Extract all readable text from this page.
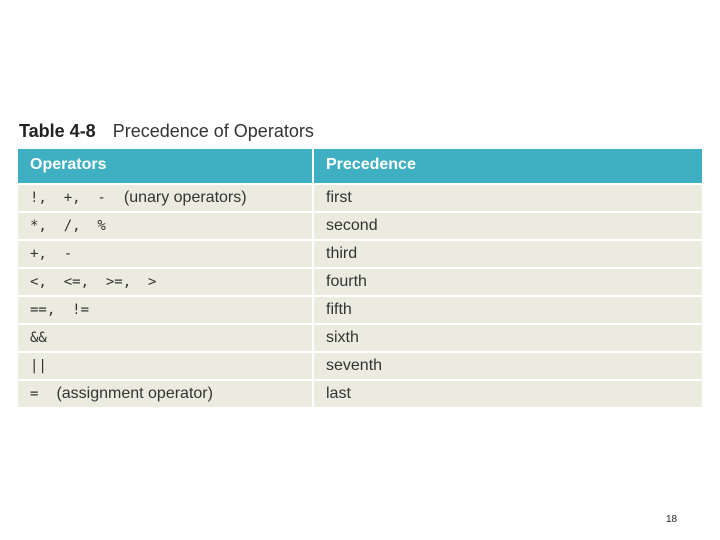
Table 4-8 Precedence of Operators
Operators	Precedence
!,  +,  - (unary operators)	first
*,  /,  %	second
+,  -	third
<,  <=,  >=,  >	fourth
==,  !=	fifth
&&	sixth
||	seventh
= (assignment operator)	last
18
